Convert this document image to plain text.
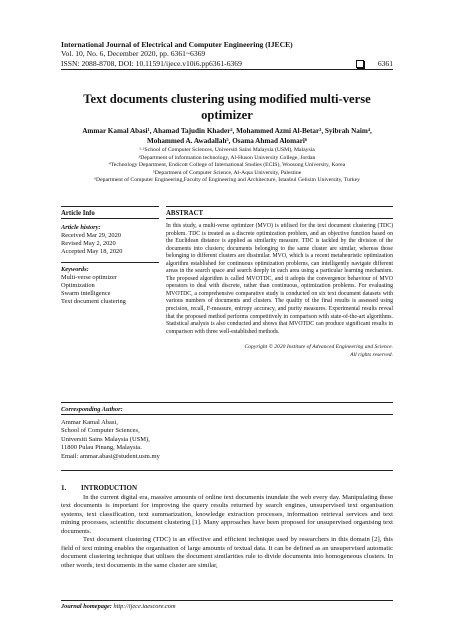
International Journal of Electrical and Computer Engineering (IJECE)
Vol. 10, No. 6, December 2020, pp. 6361~6369
ISSN: 2088-8708, DOI: 10.11591/ijece.v10i6.pp6361-6369	6361
Text documents clustering using modified multi-verse optimizer
Ammar Kamal Abasi¹, Ahamad Tajudin Khader², Mohammed Azmi Al-Betar³, Syibrah Naim⁴,
Mohammed A. Awadallah⁵, Osama Ahmad Alomari⁶
¹·²School of Computer Sciences, Universiti Sains Malaysia (USM), Malaysia
³Department of information technology, Al-Huson University College, Jordan
⁴Technology Department, Endicott College of International Studies (ECIS), Woosong University, Korea
⁵Department of Computer Science, Al-Aqsa University, Palestine
⁶Department of Computer Engineering,Faculty of Engineering and Architecture, Istanbul Gelisim University, Turkey
Article Info
Article history:
Received Mar 29, 2020
Revised May 2, 2020
Accepted May 18, 2020
Keywords:
Multi-verse optimizer
Optimization
Swarm intelligence
Text document clustering
ABSTRACT
In this study, a multi-verse optimizer (MVO) is utilised for the text document clustering (TDC) problem. TDC is treated as a discrete optimization problem, and an objective function based on the Euclidean distance is applied as similarity measure. TDC is tackled by the division of the documents into clusters; documents belonging to the same cluster are similar, whereas those belonging to different clusters are dissimilar. MVO, which is a recent metaheuristic optimization algorithm established for continuous optimization problems, can intelligently navigate different areas in the search space and search deeply in each area using a particular learning mechanism. The proposed algorithm is called MVOTDC, and it adopts the convergence behaviour of MVO operators to deal with discrete, rather than continuous, optimization problems. For evaluating MVOTDC, a comprehensive comparative study is conducted on six text document datasets with various numbers of documents and clusters. The quality of the final results is assessed using precision, recall, F-measure, entropy accuracy, and purity measures. Experimental results reveal that the proposed method performs competitively in comparison with state-of-the-art algorithms. Statistical analysis is also conducted and shows that MVOTDC can produce significant results in comparison with three well-established methods.
Copyright © 2020 Institute of Advanced Engineering and Science.
All rights reserved.
Corresponding Author:
Ammar Kamal Abasi,
School of Computer Sciences,
Universiti Sains Malaysia (USM),
11800 Pulau Pinang, Malaysia.
Email: ammar.abasi@student.usm.my
1. INTRODUCTION

In the current digital era, massive amounts of online text documents inundate the web every day. Manipulating these text documents is important for improving the query results returned by search engines, unsupervised text organisation systems, text classification, text summarization, knowledge extraction processes, information retrieval services and text mining processes, scientific document clustering [1]. Many approaches have been proposed for unsupervised organising text documents.

Text document clustering (TDC) is an effective and efficient technique used by researchers in this domain [2], this field of text mining enables the organisation of large amounts of textual data. It can be defined as an unsupervised automatic document clustering technique that utilises the document similarities rule to divide documents into homogeneous clusters. In other words, text documents in the same cluster are similar,

Journal homepage: http://ijece.iaescore.com
